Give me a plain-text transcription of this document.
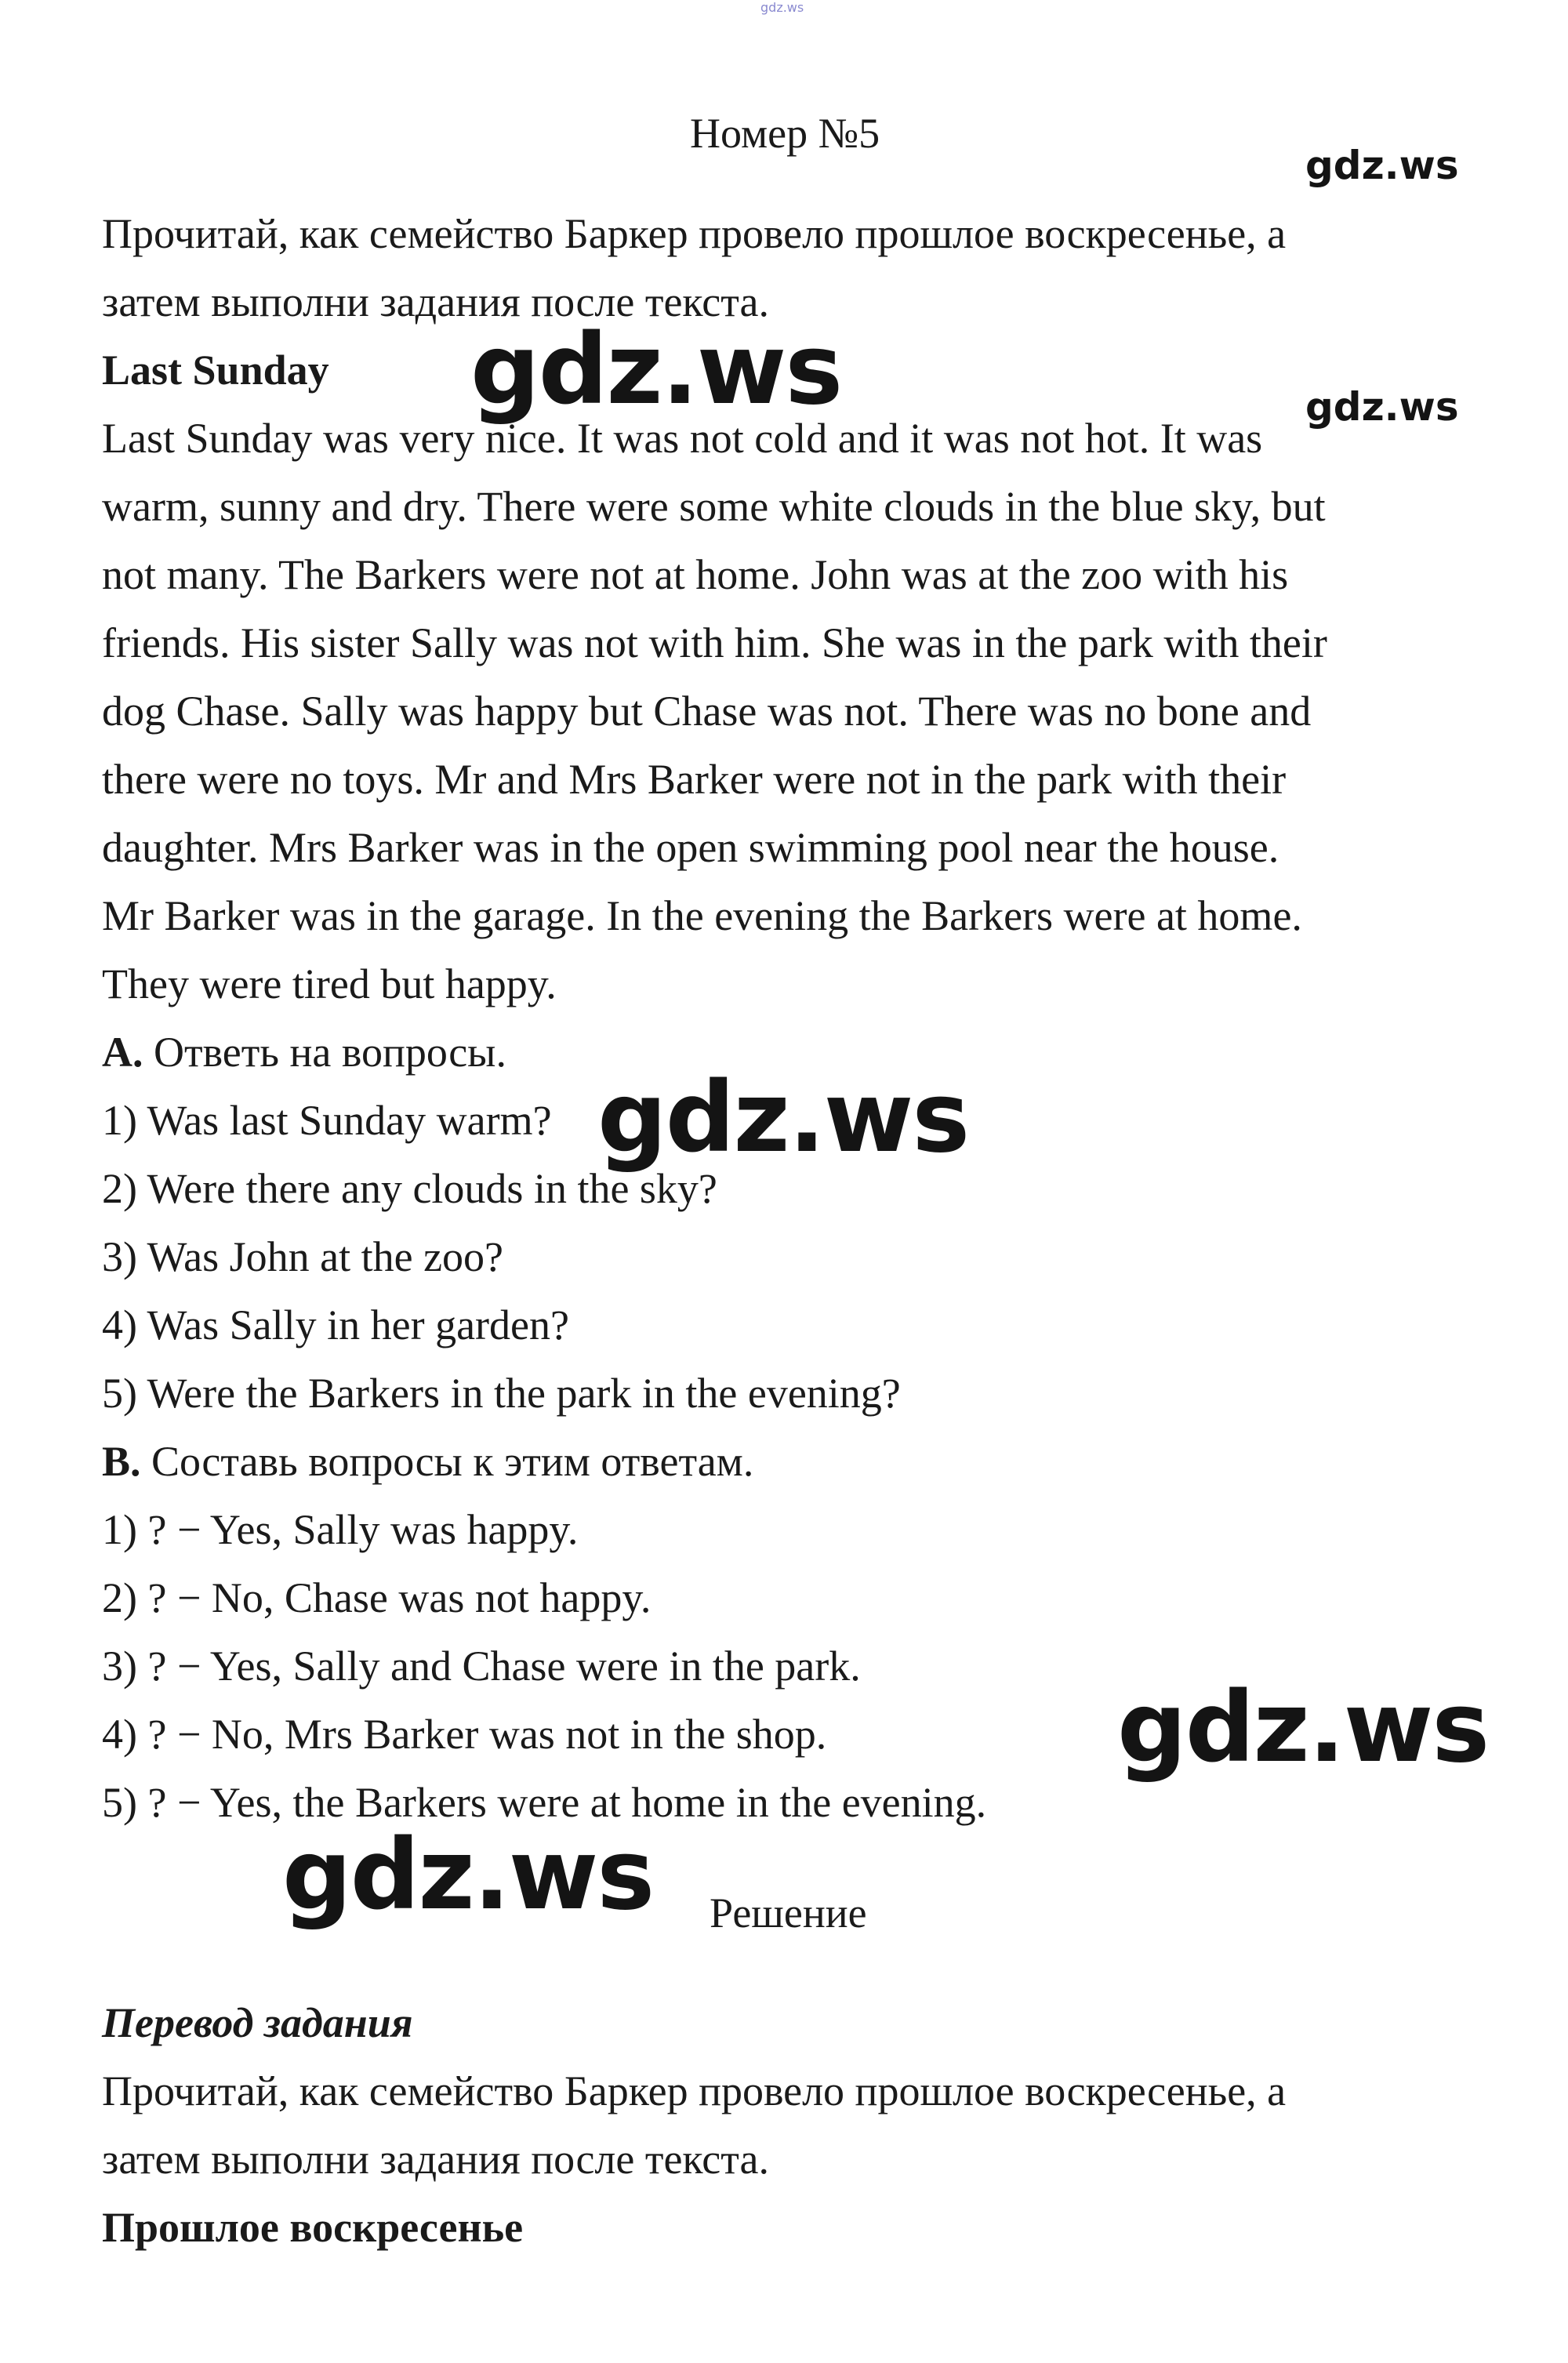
gdz.ws
Номер №5
Прочитай, как семейство Баркер провело прошлое воскресенье, а
затем выполни задания после текста.
Last Sunday
Last Sunday was very nice. It was not cold and it was not hot. It was
warm, sunny and dry. There were some white clouds in the blue sky, but
not many. The Barkers were not at home. John was at the zoo with his
friends. His sister Sally was not with him. She was in the park with their
dog Chase. Sally was happy but Chase was not. There was no bone and
there were no toys. Mr and Mrs Barker were not in the park with their
daughter. Mrs Barker was in the open swimming pool near the house.
Mr Barker was in the garage. In the evening the Barkers were at home.
They were tired but happy.
A. Ответь на вопросы.
1) Was last Sunday warm?
2) Were there any clouds in the sky?
3) Was John at the zoo?
4) Was Sally in her garden?
5) Were the Barkers in the park in the evening?
B. Составь вопросы к этим ответам.
1) ? − Yes, Sally was happy.
2) ? − No, Chase was not happy.
3) ? − Yes, Sally and Chase were in the park.
4) ? − No, Mrs Barker was not in the shop.
5) ? − Yes, the Barkers were at home in the evening.
Решение
Перевод задания
Прочитай, как семейство Баркер провело прошлое воскресенье, а
затем выполни задания после текста.
Прошлое воскресенье
gdz.ws
gdz.ws	gdz.ws
gdz.ws
gdz.ws
gdz.ws
